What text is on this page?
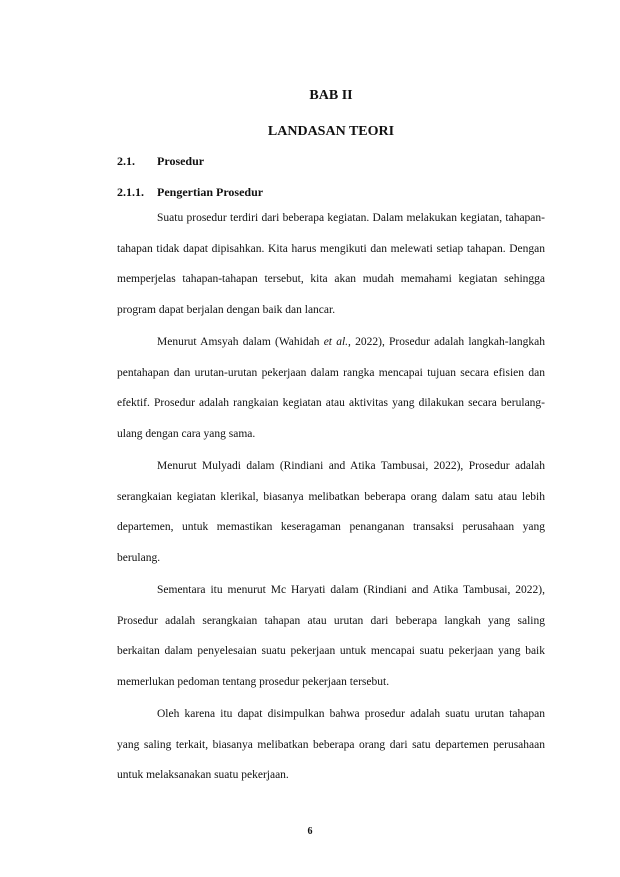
BAB II
LANDASAN TEORI
2.1. Prosedur
2.1.1. Pengertian Prosedur

Suatu prosedur terdiri dari beberapa kegiatan. Dalam melakukan kegiatan, tahapan-tahapan tidak dapat dipisahkan. Kita harus mengikuti dan melewati setiap tahapan. Dengan memperjelas tahapan-tahapan tersebut, kita akan mudah memahami kegiatan sehingga program dapat berjalan dengan baik dan lancar.

Menurut Amsyah dalam (Wahidah et al., 2022), Prosedur adalah langkah-langkah pentahapan dan urutan-urutan pekerjaan dalam rangka mencapai tujuan secara efisien dan efektif. Prosedur adalah rangkaian kegiatan atau aktivitas yang dilakukan secara berulang-ulang dengan cara yang sama.

Menurut Mulyadi dalam (Rindiani and Atika Tambusai, 2022), Prosedur adalah serangkaian kegiatan klerikal, biasanya melibatkan beberapa orang dalam satu atau lebih departemen, untuk memastikan keseragaman penanganan transaksi perusahaan yang berulang.

Sementara itu menurut Mc Haryati dalam (Rindiani and Atika Tambusai, 2022), Prosedur adalah serangkaian tahapan atau urutan dari beberapa langkah yang saling berkaitan dalam penyelesaian suatu pekerjaan untuk mencapai suatu pekerjaan yang baik memerlukan pedoman tentang prosedur pekerjaan tersebut.

Oleh karena itu dapat disimpulkan bahwa prosedur adalah suatu urutan tahapan yang saling terkait, biasanya melibatkan beberapa orang dari satu departemen perusahaan untuk melaksanakan suatu pekerjaan.

6
